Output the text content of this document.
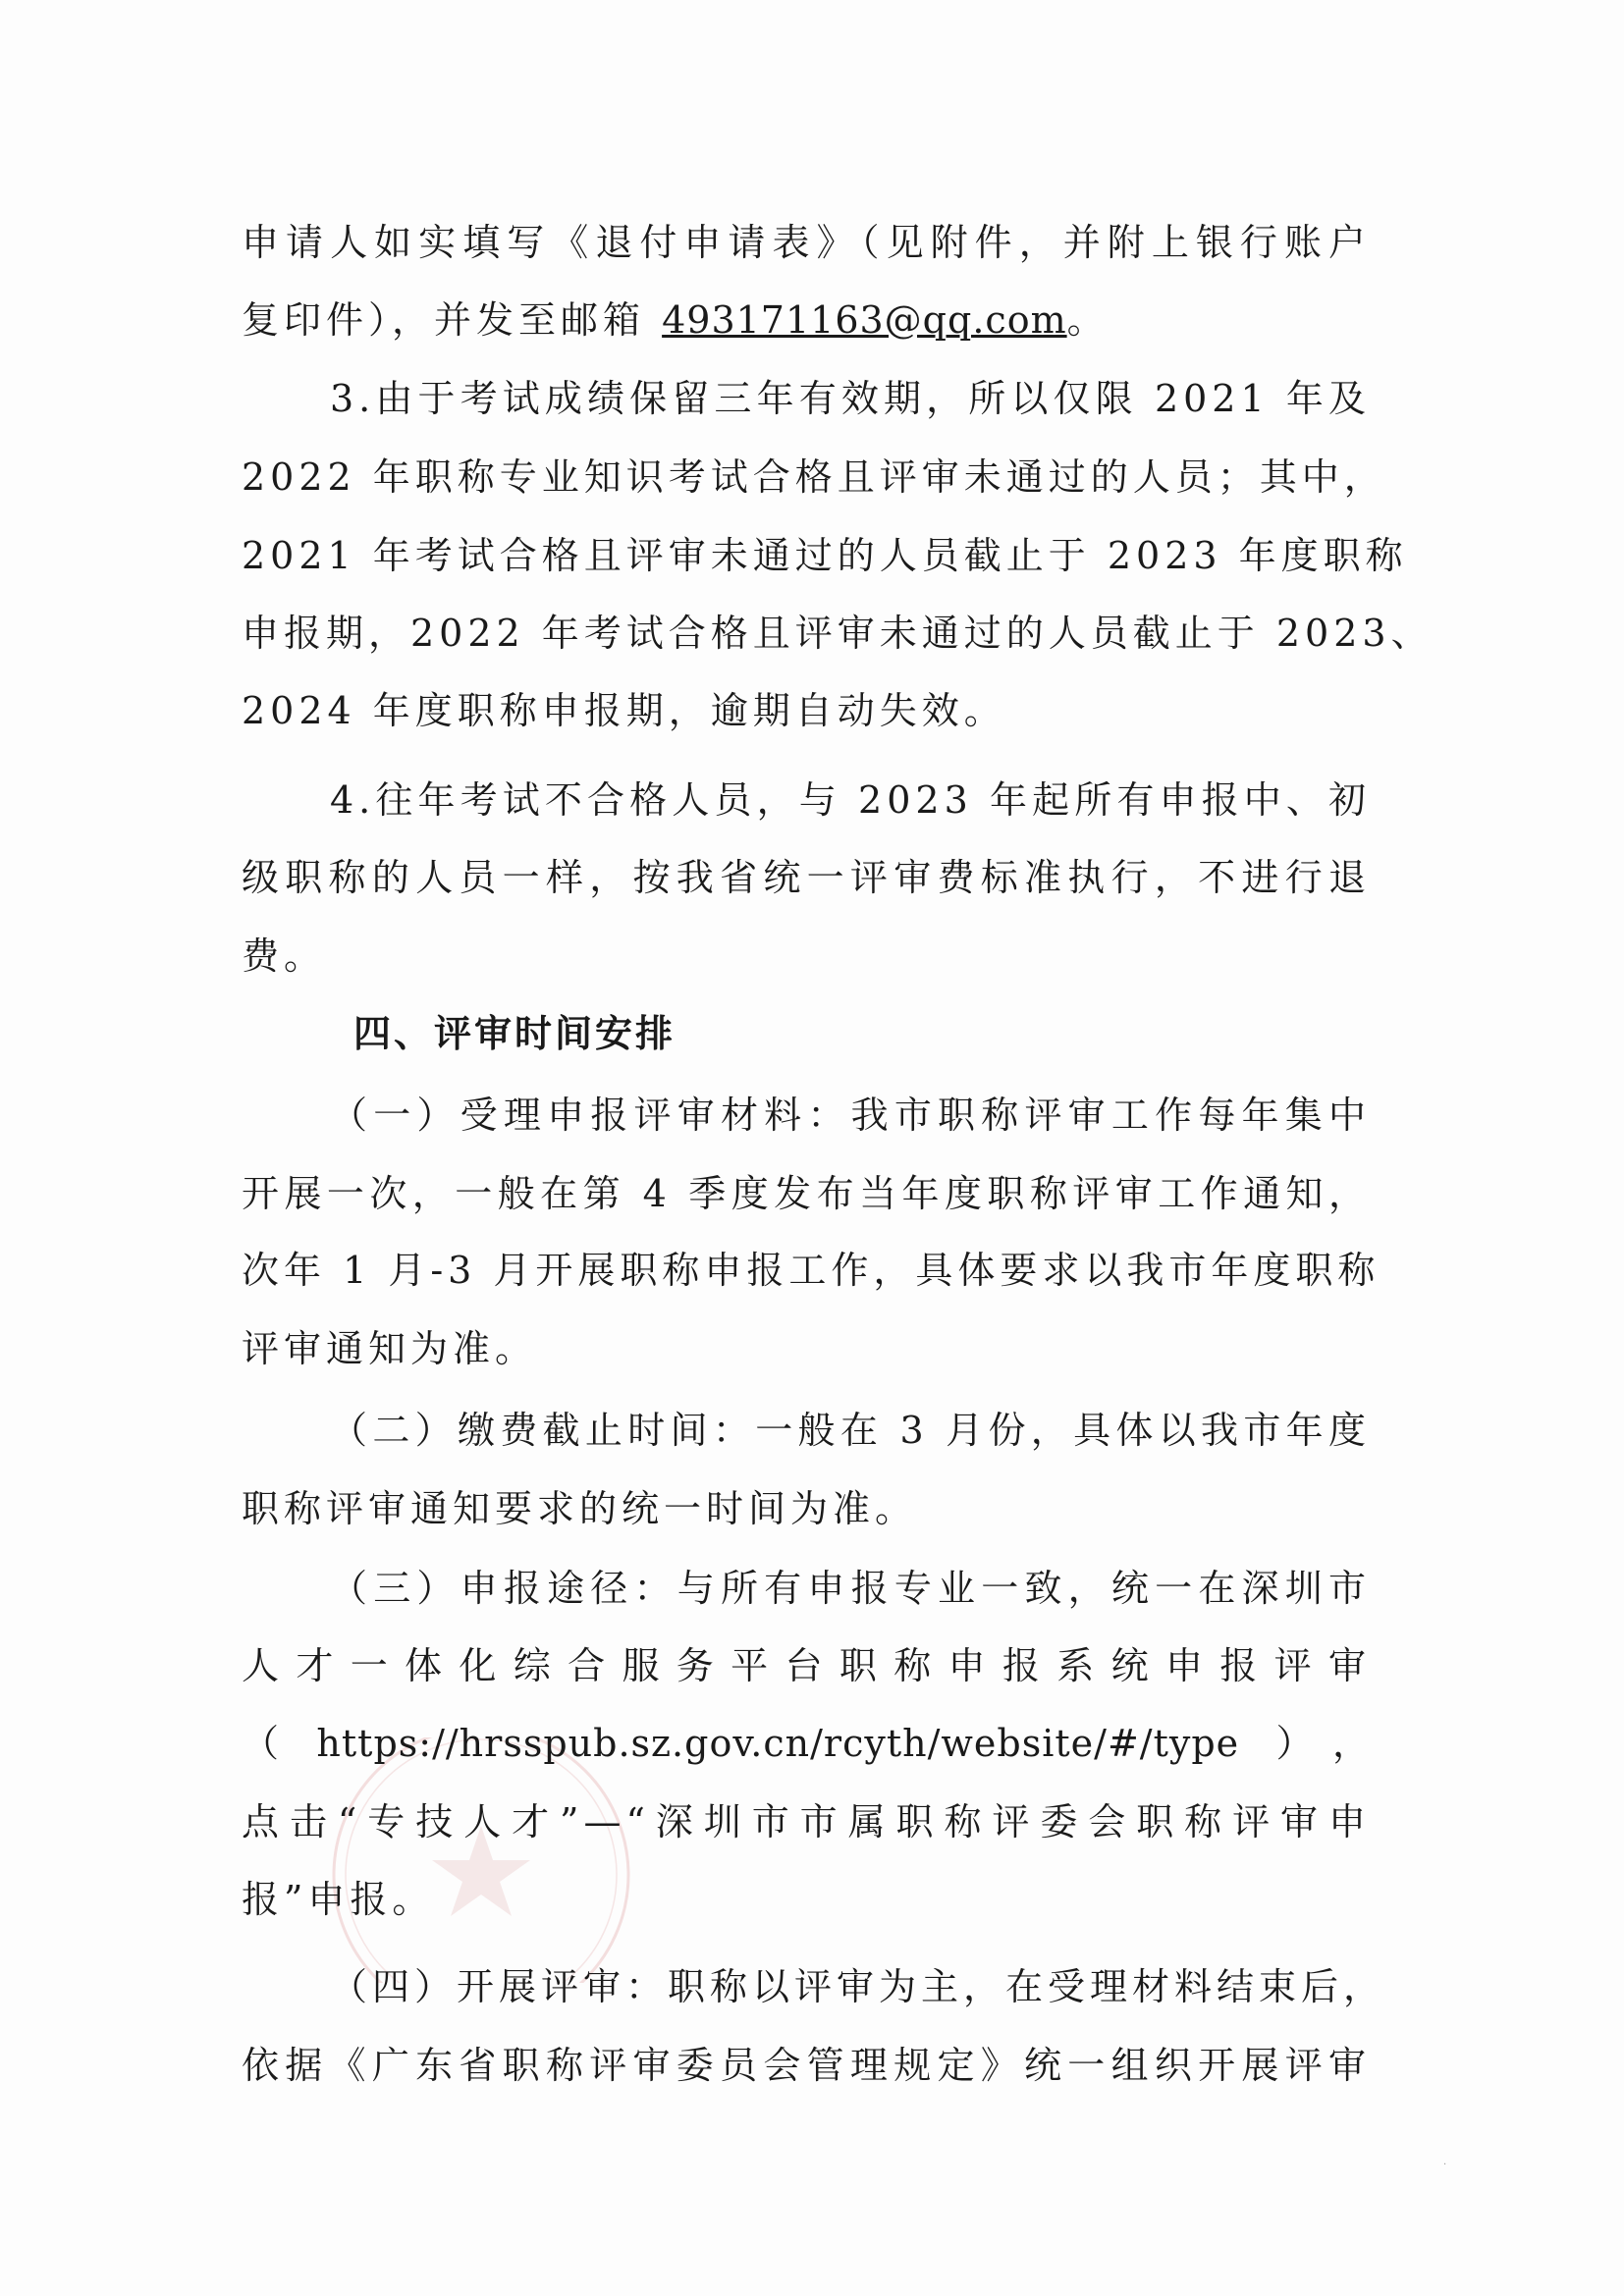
申请人如实填写《退付申请表》（见附件，并附上银行账户
复印件），并发至邮箱 493171163@qq.com。
3.由于考试成绩保留三年有效期，所以仅限 2021 年及
2022 年职称专业知识考试合格且评审未通过的人员；其中，
2021 年考试合格且评审未通过的人员截止于 2023 年度职称
申报期，2022 年考试合格且评审未通过的人员截止于 2023、
2024 年度职称申报期，逾期自动失效。
4.往年考试不合格人员，与 2023 年起所有申报中、初
级职称的人员一样，按我省统一评审费标准执行，不进行退
费。
四、评审时间安排
（一）受理申报评审材料：我市职称评审工作每年集中
开展一次，一般在第 4 季度发布当年度职称评审工作通知，
次年 1 月-3 月开展职称申报工作，具体要求以我市年度职称
评审通知为准。
（二）缴费截止时间：一般在 3 月份，具体以我市年度
职称评审通知要求的统一时间为准。
（三）申报途径：与所有申报专业一致，统一在深圳市
人才一体化综合服务平台职称申报系统申报评审
（https://hrsspub.sz.gov.cn/rcyth/website/#/type），
点击“专技人才”—“深圳市市属职称评委会职称评审申
报”申报。
（四）开展评审：职称以评审为主，在受理材料结束后，
依据《广东省职称评审委员会管理规定》统一组织开展评审
·
